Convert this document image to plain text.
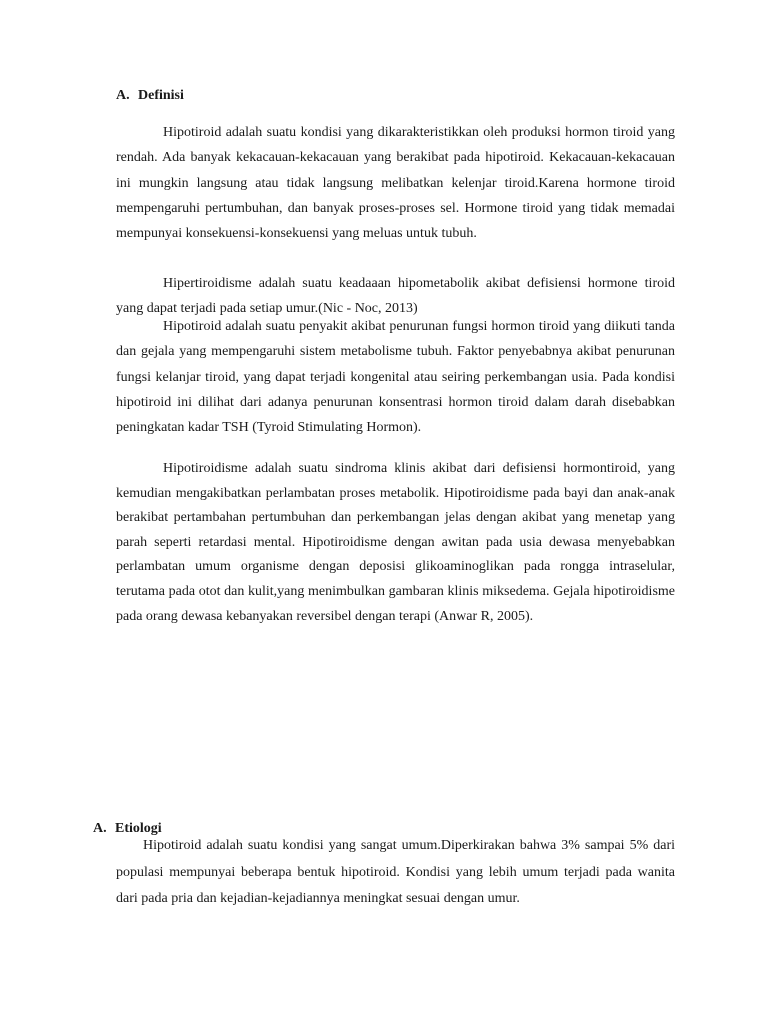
A. Definisi

Hipotiroid adalah suatu kondisi yang dikarakteristikkan oleh produksi hormon tiroid yang rendah. Ada banyak kekacauan-kekacauan yang berakibat pada hipotiroid. Kekacauan-kekacauan ini mungkin langsung atau tidak langsung melibatkan kelenjar tiroid.Karena hormone tiroid mempengaruhi pertumbuhan, dan banyak proses-proses sel. Hormone tiroid yang tidak memadai mempunyai konsekuensi-konsekuensi yang meluas untuk tubuh.

Hipertiroidisme adalah suatu keadaaan hipometabolik akibat defisiensi hormone tiroid yang dapat terjadi pada setiap umur.(Nic - Noc, 2013)

Hipotiroid adalah suatu penyakit akibat penurunan fungsi hormon tiroid yang diikuti tanda dan gejala yang mempengaruhi sistem metabolisme tubuh. Faktor penyebabnya akibat penurunan fungsi kelanjar tiroid, yang dapat terjadi kongenital atau seiring perkembangan usia. Pada kondisi hipotiroid ini dilihat dari adanya penurunan konsentrasi hormon tiroid dalam darah disebabkan peningkatan kadar TSH (Tyroid Stimulating Hormon).

Hipotiroidisme adalah suatu sindroma klinis akibat dari defisiensi hormontiroid, yang kemudian mengakibatkan perlambatan proses metabolik. Hipotiroidisme pada bayi dan anak-anak berakibat pertambahan pertumbuhan dan perkembangan jelas dengan akibat yang menetap yang parah seperti retardasi mental. Hipotiroidisme dengan awitan pada usia dewasa menyebabkan perlambatan umum organisme dengan deposisi glikoaminoglikan pada rongga intraselular, terutama pada otot dan kulit,yang menimbulkan gambaran klinis miksedema. Gejala hipotiroidisme pada orang dewasa kebanyakan reversibel dengan terapi (Anwar R, 2005).

A. Etiologi

Hipotiroid adalah suatu kondisi yang sangat umum.Diperkirakan bahwa 3% sampai 5% dari populasi mempunyai beberapa bentuk hipotiroid. Kondisi yang lebih umum terjadi pada wanita dari pada pria dan kejadian-kejadiannya meningkat sesuai dengan umur.
